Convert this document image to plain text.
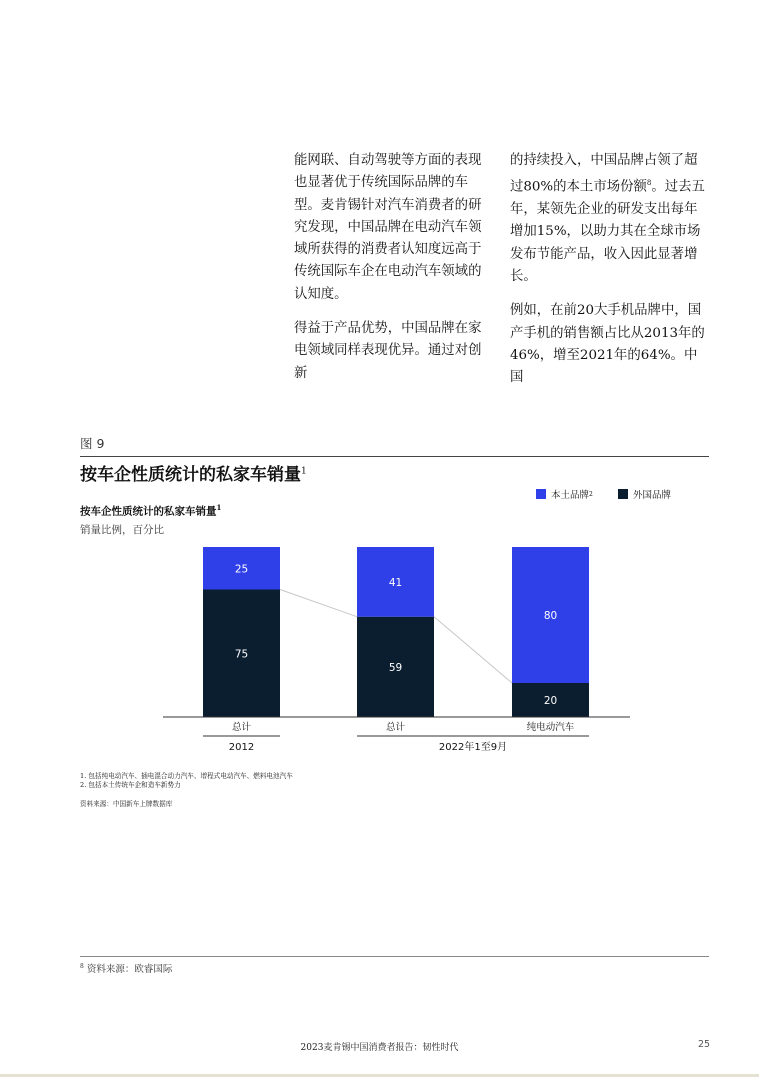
能网联、自动驾驶等方面的表现也显著优于传统国际品牌的车型。麦肯锡针对汽车消费者的研究发现，中国品牌在电动汽车领域所获得的消费者认知度远高于传统国际车企在电动汽车领域的认知度。

得益于产品优势，中国品牌在家电领域同样表现优异。通过对创新

的持续投入，中国品牌占领了超过80%的本土市场份额$^8$。过去五年，某领先企业的研发支出每年增加15%，以助力其在全球市场发布节能产品，收入因此显著增长。

例如，在前20大手机品牌中，国产手机的销售额占比从2013年的46%，增至2021年的64%。中国

图 9
按车企性质统计的私家车销量$^1$
按车企性质统计的私家车销量$^1$
销量比例，百分比
本土品牌 2	外国品牌
75
25
总计
59
41
总计
20
80
纯电动汽车
2012	2022年1至9月
1. 包括纯电动汽车、插电混合动力汽车、增程式电动汽车、燃料电池汽车
2. 包括本土传统车企和造车新势力
资料来源：中国新车上牌数据库
$^8$ 资料来源：欧睿国际
2023麦肯锡中国消费者报告：韧性时代	25
